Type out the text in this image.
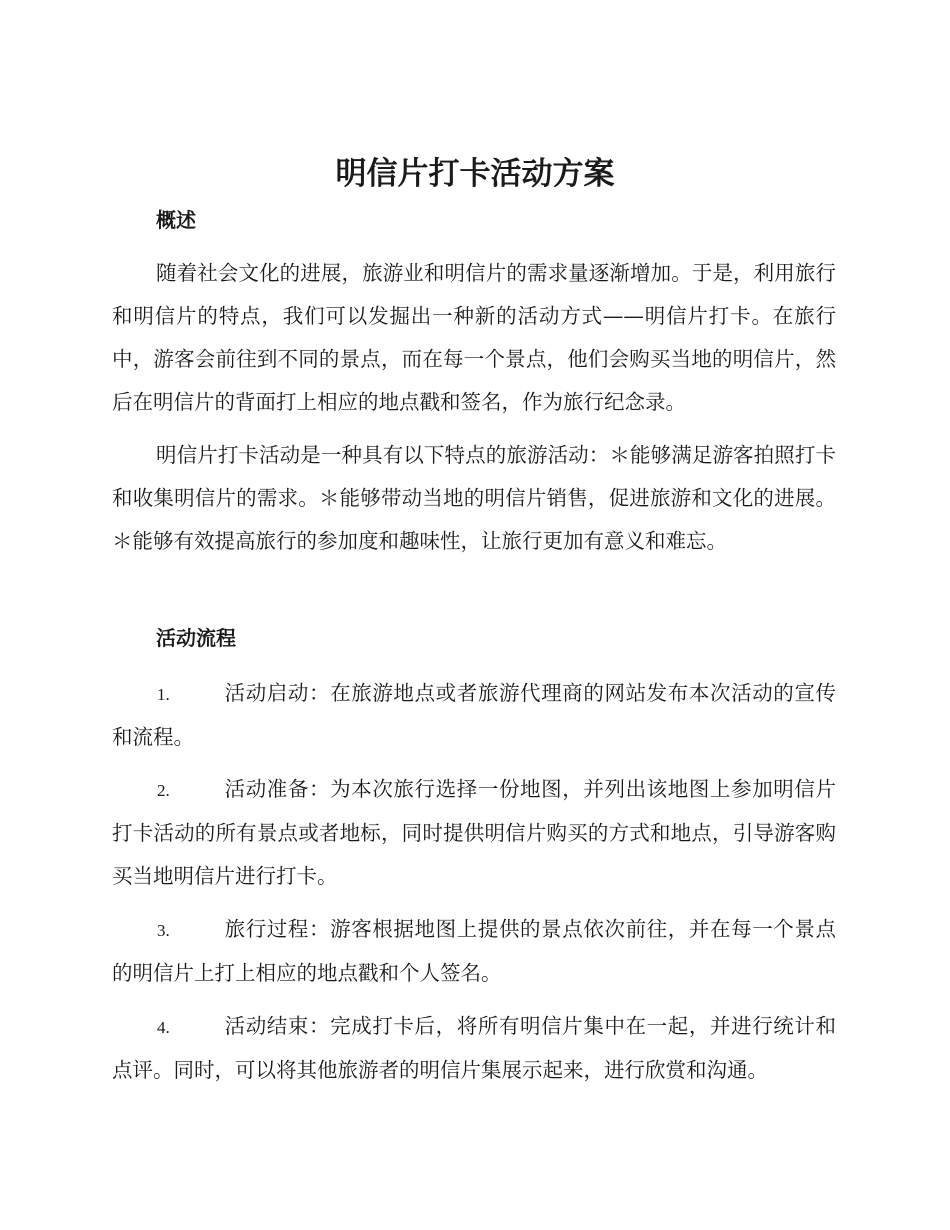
明信片打卡活动方案
概述

随着社会文化的进展，旅游业和明信片的需求量逐渐增加。于是，利用旅行和明信片的特点，我们可以发掘出一种新的活动方式——明信片打卡。在旅行中，游客会前往到不同的景点，而在每一个景点，他们会购买当地的明信片，然后在明信片的背面打上相应的地点戳和签名，作为旅行纪念录。

明信片打卡活动是一种具有以下特点的旅游活动：＊能够满足游客拍照打卡和收集明信片的需求。＊能够带动当地的明信片销售，促进旅游和文化的进展。＊能够有效提高旅行的参加度和趣味性，让旅行更加有意义和难忘。

活动流程

1.	活动启动：在旅游地点或者旅游代理商的网站发布本次活动的宣传和流程。

2.	活动准备：为本次旅行选择一份地图，并列出该地图上参加明信片打卡活动的所有景点或者地标，同时提供明信片购买的方式和地点，引导游客购买当地明信片进行打卡。

3.	旅行过程：游客根据地图上提供的景点依次前往，并在每一个景点的明信片上打上相应的地点戳和个人签名。

4.	活动结束：完成打卡后，将所有明信片集中在一起，并进行统计和点评。同时，可以将其他旅游者的明信片集展示起来，进行欣赏和沟通。
